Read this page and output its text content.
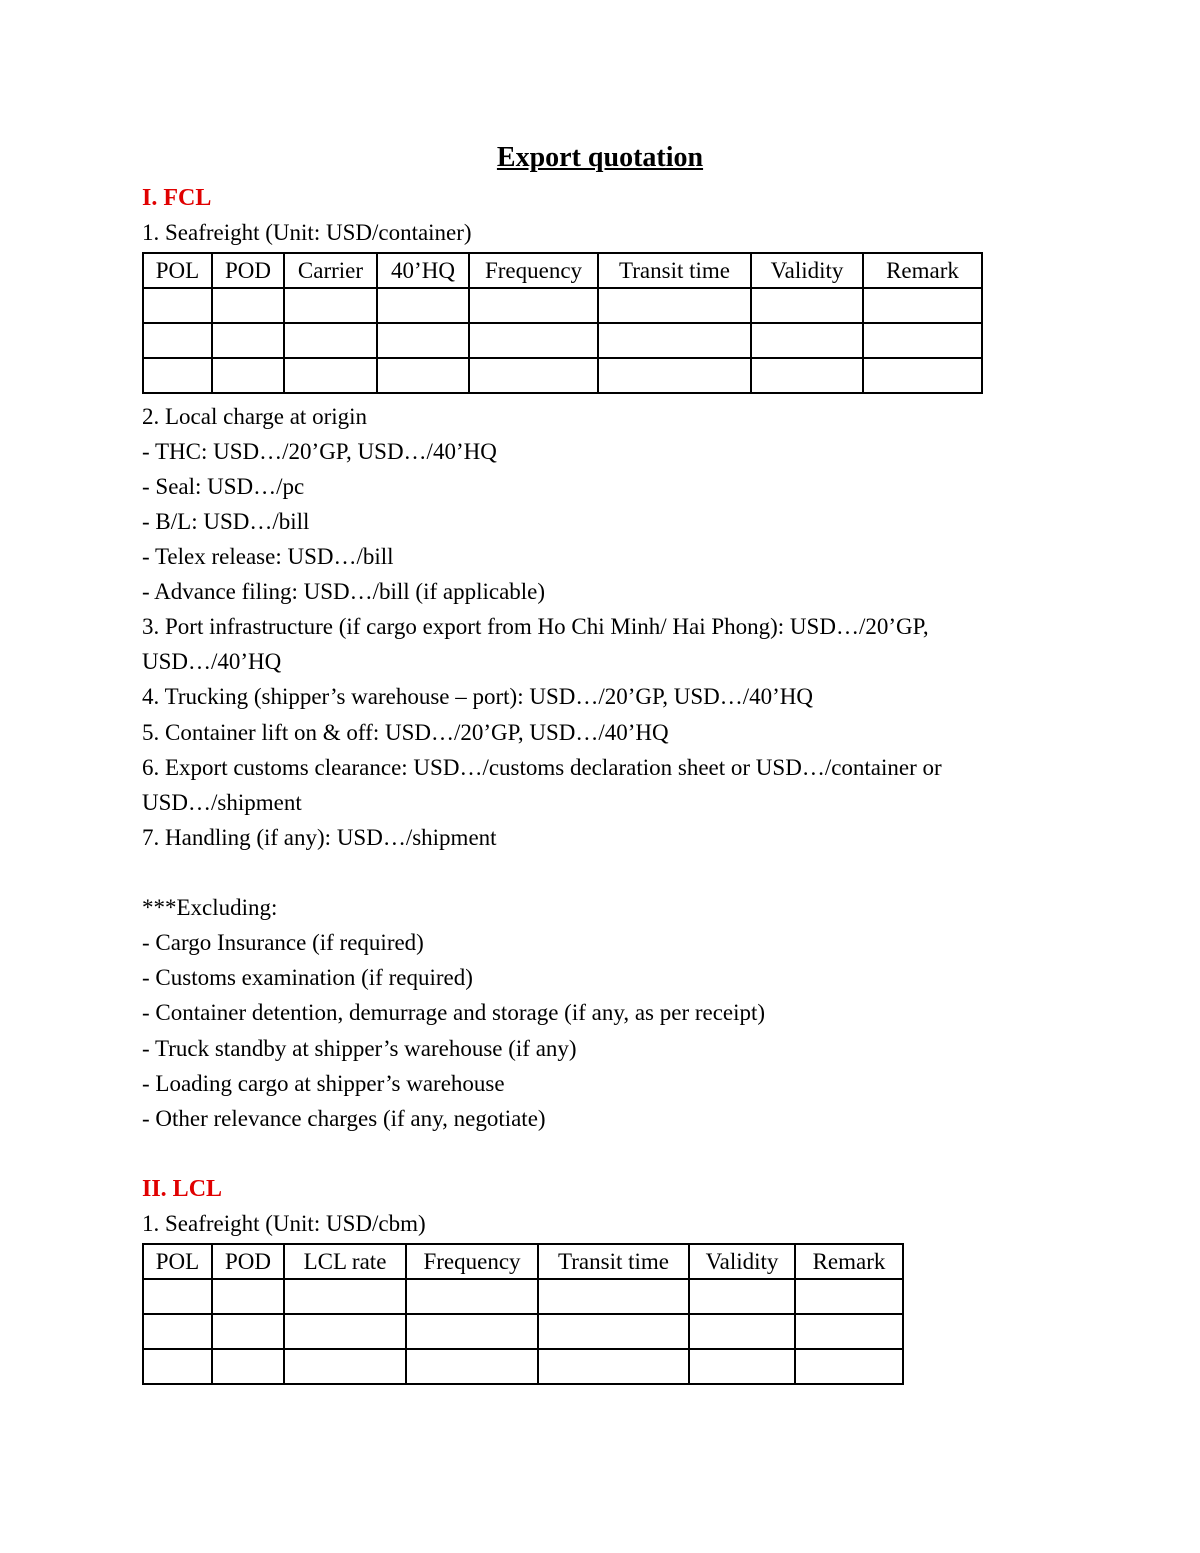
Export quotation
I. FCL
1. Seafreight (Unit: USD/container)
POL	POD	Carrier	40’HQ	Frequency	Transit time	Validity	Remark

2. Local charge at origin
- THC: USD…/20’GP, USD…/40’HQ
- Seal: USD…/pc
- B/L: USD…/bill
- Telex release: USD…/bill
- Advance filing: USD…/bill (if applicable)
3. Port infrastructure (if cargo export from Ho Chi Minh/ Hai Phong): USD…/20’GP,
USD…/40’HQ
4. Trucking (shipper’s warehouse – port): USD…/20’GP, USD…/40’HQ
5. Container lift on & off: USD…/20’GP, USD…/40’HQ
6. Export customs clearance: USD…/customs declaration sheet or USD…/container or
USD…/shipment
7. Handling (if any): USD…/shipment
***Excluding:
- Cargo Insurance (if required)
- Customs examination (if required)
- Container detention, demurrage and storage (if any, as per receipt)
- Truck standby at shipper’s warehouse (if any)
- Loading cargo at shipper’s warehouse
- Other relevance charges (if any, negotiate)
II. LCL
1. Seafreight (Unit: USD/cbm)
POL	POD	LCL rate	Frequency	Transit time	Validity	Remark
